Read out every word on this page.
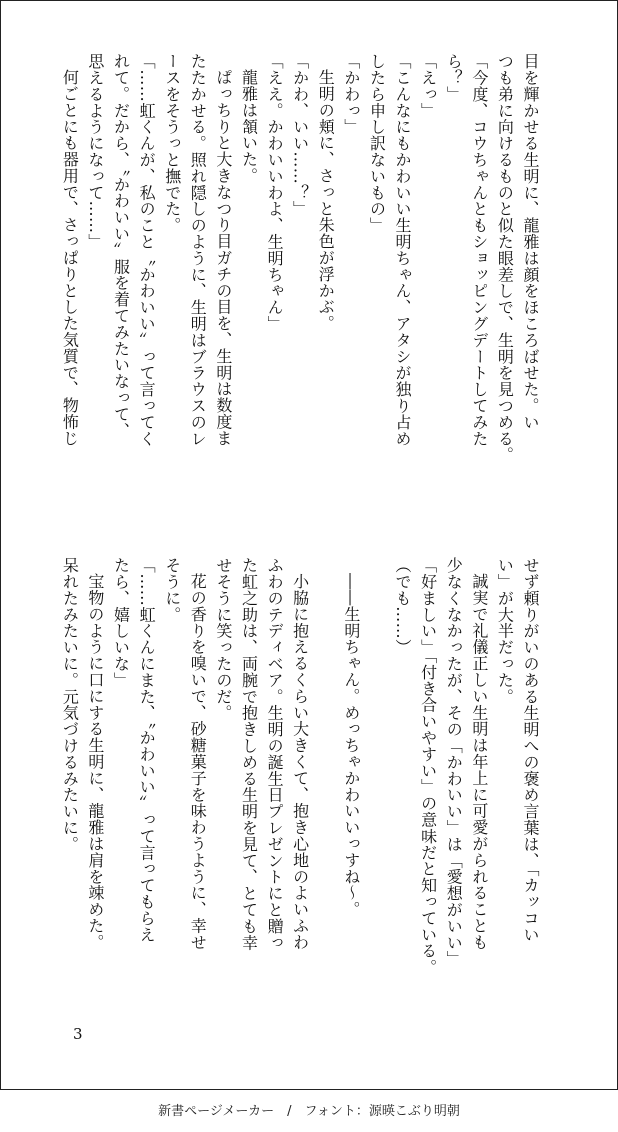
目を輝かせる生明に、龍雅は顔をほころばせた。い
つも弟に向けるものと似た眼差しで、生明を見つめる。
「今度、コウちゃんともショッピングデートしてみた
ら？」
「えっ」
「こんなにもかわいい生明ちゃん、アタシが独り占め
したら申し訳ないもの」
「かわっ」
生明の頬に、さっと朱色が浮かぶ。
「かわ、いい……？」
「ええ。かわいいわよ、生明ちゃん」
龍雅は頷いた。
ぱっちりと大きなつり目ガチの目を、生明は数度ま
たたかせる。照れ隠しのように、生明はブラウスのレ
ースをそうっと撫でた。
「……虹くんが、私のこと〝かわいい〟って言ってく
れて。だから、〝かわいい〟服を着てみたいなって、
思えるようになって……」
何ごとにも器用で、さっぱりとした気質で、物怖じ
せず頼りがいのある生明への褒め言葉は、「カッコい
い」が大半だった。
誠実で礼儀正しい生明は年上に可愛がられることも
少なくなかったが、その「かわいい」は「愛想がいい」
「好ましい」「付き合いやすい」の意味だと知っている。
（でも……）
――生明ちゃん。めっちゃかわいいっすね〜。
小脇に抱えるくらい大きくて、抱き心地のよいふわ
ふわのテディベア。生明の誕生日プレゼントにと贈っ
た虹之助は、両腕で抱きしめる生明を見て、とても幸
せそうに笑ったのだ。
花の香りを嗅いで、砂糖菓子を味わうように、幸せ
そうに。
「……虹くんにまた、〝かわいい〟って言ってもらえ
たら、嬉しいな」
宝物のように口にする生明に、龍雅は肩を竦めた。
呆れたみたいに。元気づけるみたいに。
3
新書ページメーカー　/　フォント：源暎こぶり明朝
